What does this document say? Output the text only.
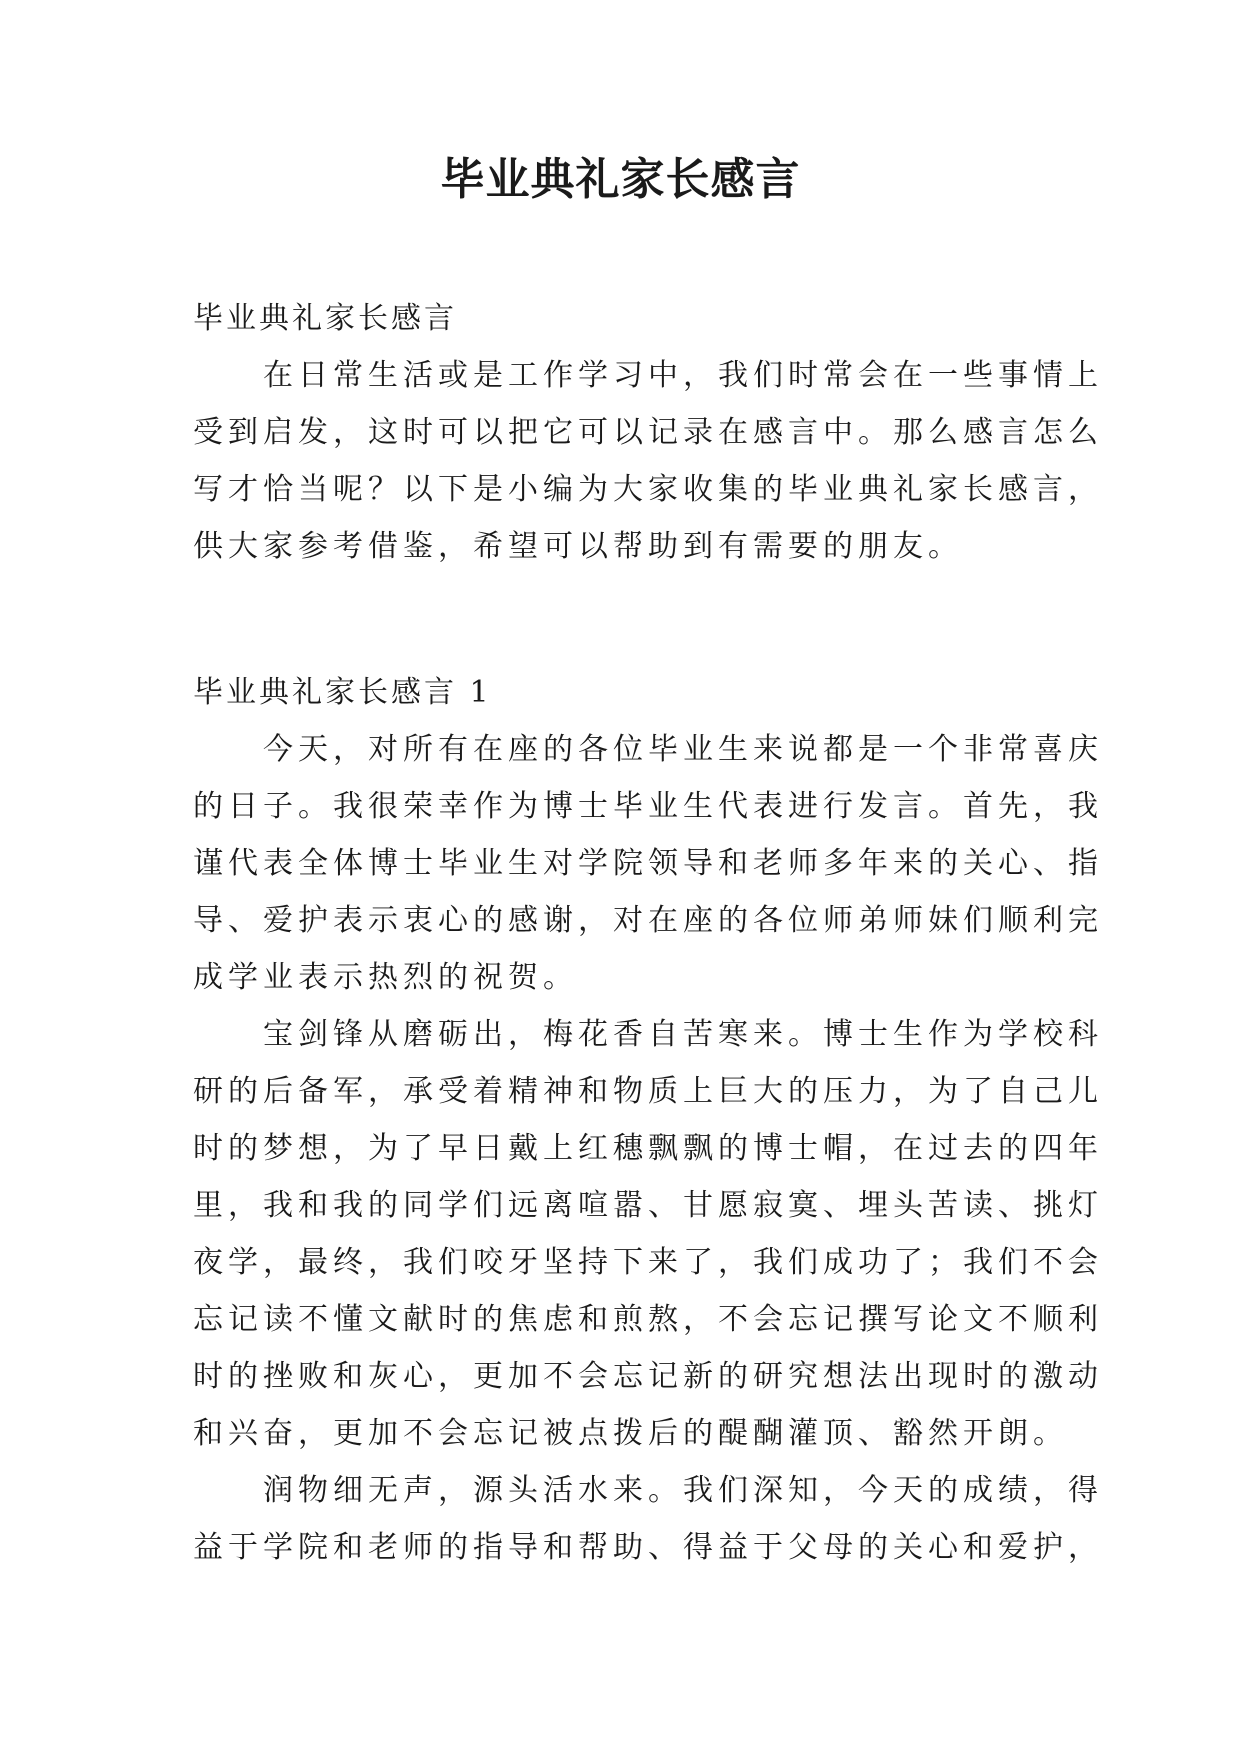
毕业典礼家长感言

毕业典礼家长感言

　　在日常生活或是工作学习中，我们时常会在一些事情上

受到启发，这时可以把它可以记录在感言中。那么感言怎么

写才恰当呢？以下是小编为大家收集的毕业典礼家长感言，

供大家参考借鉴，希望可以帮助到有需要的朋友。

毕业典礼家长感言 1

　　今天，对所有在座的各位毕业生来说都是一个非常喜庆

的日子。我很荣幸作为博士毕业生代表进行发言。首先，我

谨代表全体博士毕业生对学院领导和老师多年来的关心、指

导、爱护表示衷心的感谢，对在座的各位师弟师妹们顺利完

成学业表示热烈的祝贺。

　　宝剑锋从磨砺出，梅花香自苦寒来。博士生作为学校科

研的后备军，承受着精神和物质上巨大的压力，为了自己儿

时的梦想，为了早日戴上红穗飘飘的博士帽，在过去的四年

里，我和我的同学们远离喧嚣、甘愿寂寞、埋头苦读、挑灯

夜学，最终，我们咬牙坚持下来了，我们成功了；我们不会

忘记读不懂文献时的焦虑和煎熬，不会忘记撰写论文不顺利

时的挫败和灰心，更加不会忘记新的研究想法出现时的激动

和兴奋，更加不会忘记被点拨后的醍醐灌顶、豁然开朗。

　　润物细无声，源头活水来。我们深知，今天的成绩，得

益于学院和老师的指导和帮助、得益于父母的关心和爱护，
